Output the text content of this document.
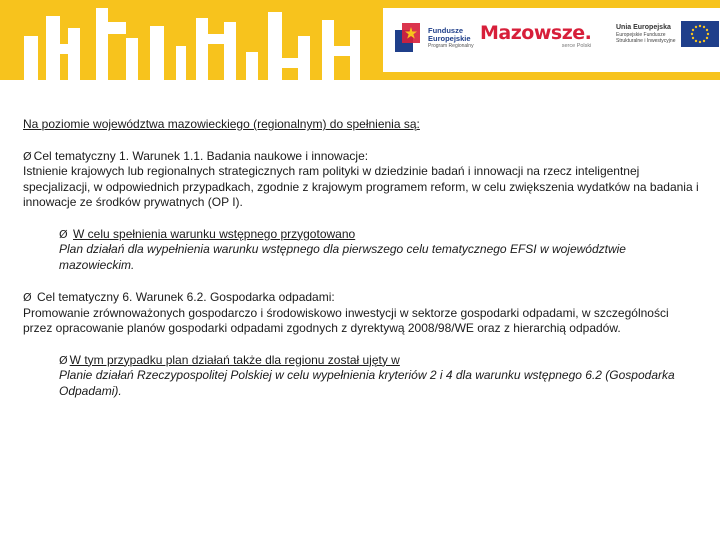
Fundusze
Europejskie
Program Regionalny
Mazowsze.
serce Polski
Unia Europejska
Europejskie Fundusze
Strukturalne i Inwestycyjne

Na poziomie województwa mazowieckiego (regionalnym) do spełnienia są:

Ø Cel tematyczny 1. Warunek 1.1. Badania naukowe i innowacje:

Istnienie krajowych lub regionalnych strategicznych ram polityki w dziedzinie badań i innowacji na rzecz inteligentnej specjalizacji, w odpowiednich przypadkach, zgodnie z krajowym programem reform, w celu zwiększenia wydatków na badania i innowacje ze środków prywatnych (OP I).

Ø W celu spełnienia warunku wstępnego przygotowano
Plan działań dla wypełnienia warunku wstępnego dla pierwszego celu tematycznego EFSI w województwie mazowieckim.

Ø Cel tematyczny 6. Warunek 6.2. Gospodarka odpadami:

Promowanie zrównoważonych gospodarczo i środowiskowo inwestycji w sektorze gospodarki odpadami, w szczególności przez opracowanie planów gospodarki odpadami zgodnych z dyrektywą 2008/98/WE oraz z hierarchią odpadów.

Ø W tym przypadku plan działań także dla regionu został ujęty w
Planie działań Rzeczypospolitej Polskiej w celu wypełnienia kryteriów 2 i 4 dla warunku wstępnego 6.2 (Gospodarka Odpadami).
